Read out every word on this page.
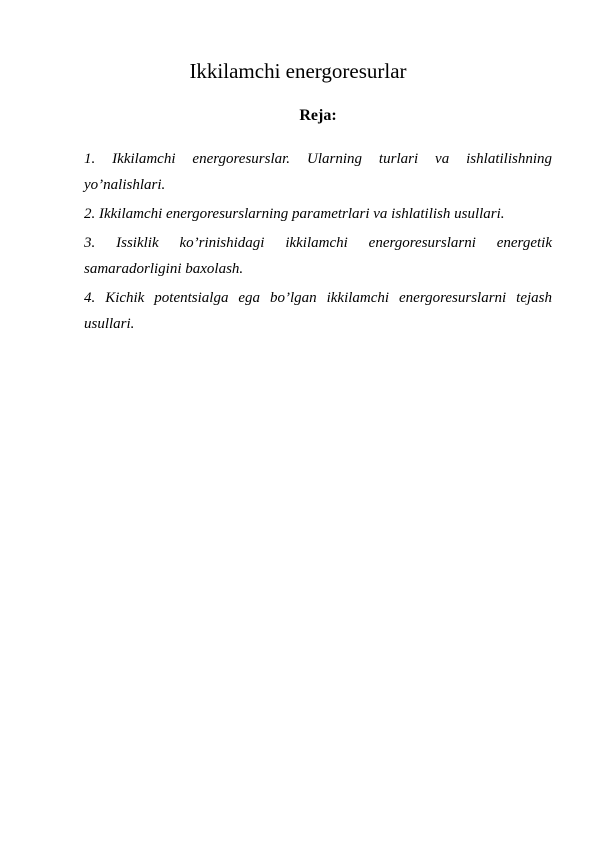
Ikkilamchi energoresurlar
Reja:
1. Ikkilamchi energoresurslar. Ularning turlari va ishlatilishning yo’nalishlari.
2. Ikkilamchi energoresurslarning parametrlari va ishlatilish usullari.
3. Issiklik ko’rinishidagi ikkilamchi energoresurslarni energetik samaradorligini baxolash.
4. Kichik potentsialga ega bo’lgan ikkilamchi energoresurslarni tejash usullari.
